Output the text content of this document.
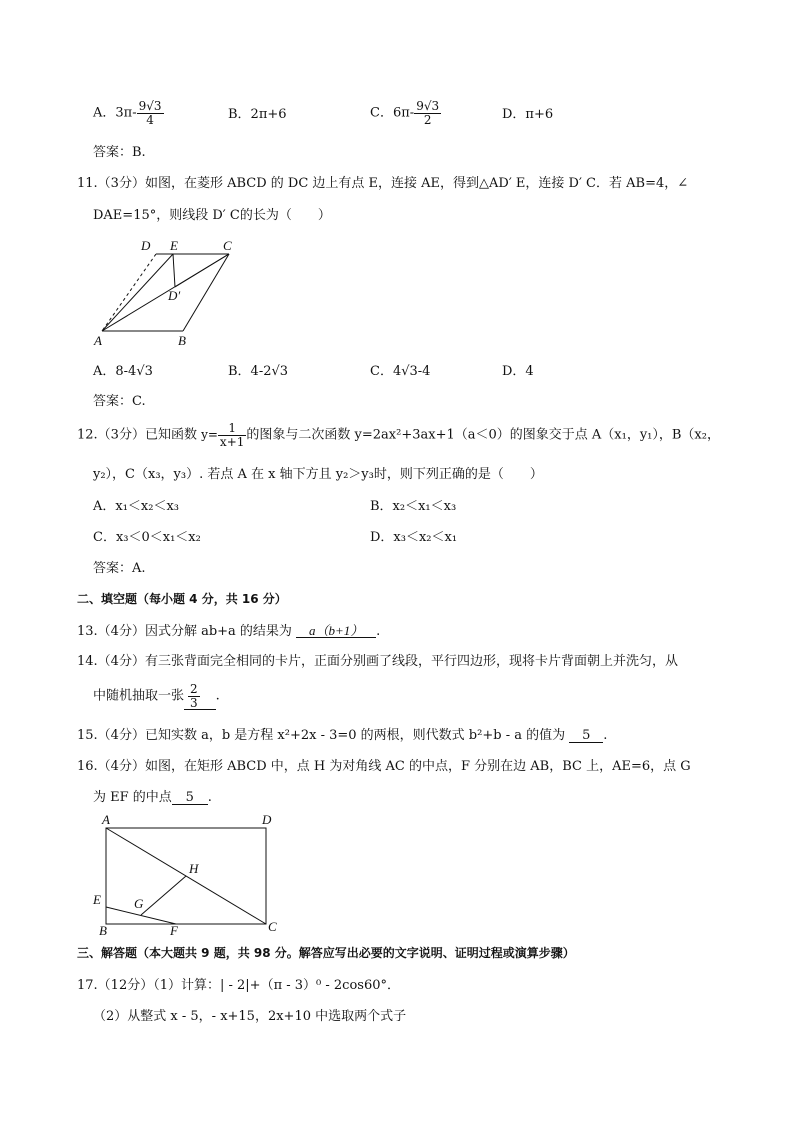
A．$3\pi- \frac{9√3}{4}$	B．2π+6	C．$6\pi- \frac{9√3}{2}$	D．π+6
答案：B.
11.（3分）如图，在菱形 ABCD 的 DC 边上有点 E，连接 AE，得到△AD′ E，连接 D′ C．若 AB=4，∠
DAE=15°，则线段 D′ C的长为（　　）
D E	C
D′
A	B
A．8-4√3	B．4-2√3	C．4√3-4	D．4
答案：C.
12.（3分）已知函数 $y= \frac{1}{x+1}$ 的图象与二次函数 y=2ax²+3ax+1（a＜0）的图象交于点 A（x₁，y₁），B（x₂，
y₂），C（x₃，y₃）. 若点 A 在 x 轴下方且 y₂＞y₃时，则下列正确的是（　　）
A．x₁＜x₂＜x₃	B．x₂＜x₁＜x₃
C．x₃＜0＜x₁＜x₂	D．x₃＜x₂＜x₁
答案：A.
二、填空题（每小题 4 分，共 16 分）
13.（4分）因式分解 ab+a 的结果为 a（b+1） .
14.（4分）有三张背面完全相同的卡片，正面分别画了线段，平行四边形，现将卡片背面朝上并洗匀，从
中随机抽取一张 $\frac{2}{3}$ .
15.（4分）已知实数 a，b 是方程 x²+2x - 3=0 的两根，则代数式 b²+b - a 的值为 5 .
16.（4分）如图，在矩形 ABCD 中，点 H 为对角线 AC 的中点，F 分别在边 AB，BC 上，AE=6，点 G
为 EF 的中点 5 .
A	D
H
E	G
B	F	C
三、解答题（本大题共 9 题，共 98 分。解答应写出必要的文字说明、证明过程或演算步骤）
17.（12分）（1）计算：| - 2|+（π - 3）⁰ - 2cos60°．
（2）从整式 x - 5，- x+15，2x+10 中选取两个式子
